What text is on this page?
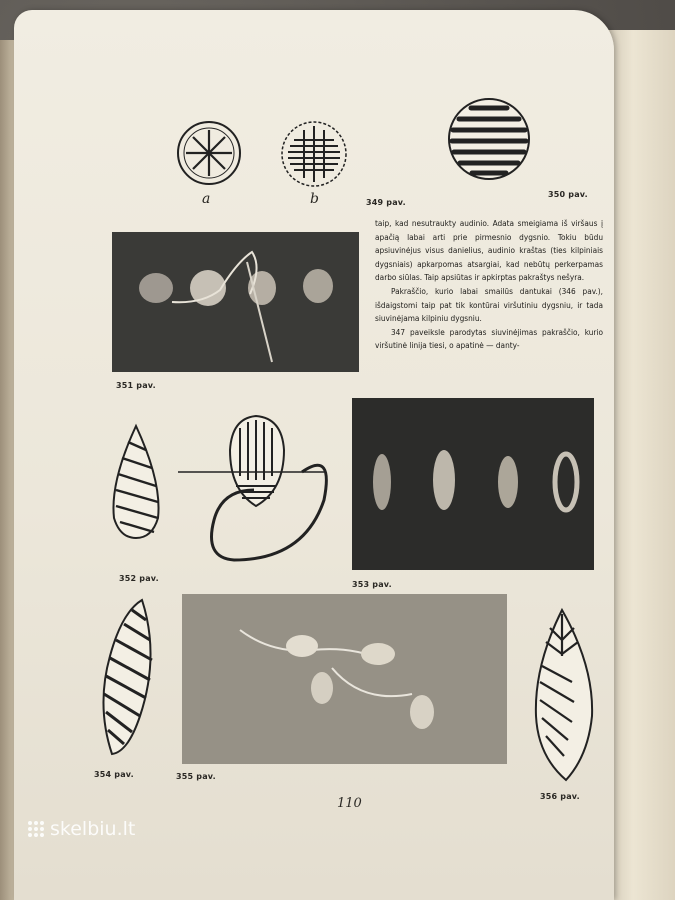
a	b	349 pav.
350 pav.
351 pav.

taip, kad nesutraukty audinio. Adata smeigiama iš viršaus į apačią labai arti prie pirmesnio dygsnio. Tokiu būdu apsiuvinėjus visus danielius, audinio kraštas (ties kilpiniais dygsniais) apkarpomas atsargiai, kad nebūtų perkerpamas darbo siūlas. Taip apsiūtas ir apkirptas pakraštys nešyra.

Pakraščio, kurio labai smailūs dantukai (346 pav.), išdaigstomi taip pat tik kontūrai viršutiniu dygsniu, ir tada siuvinėjama kilpiniu dygsniu.

347 paveiksle parodytas siuvinėjimas pakraščio, kurio viršutinė linija tiesi, o apatinė — danty-

352 pav.
353 pav.
354 pav.	355 pav.
356 pav.
110
skelbiu.lt
